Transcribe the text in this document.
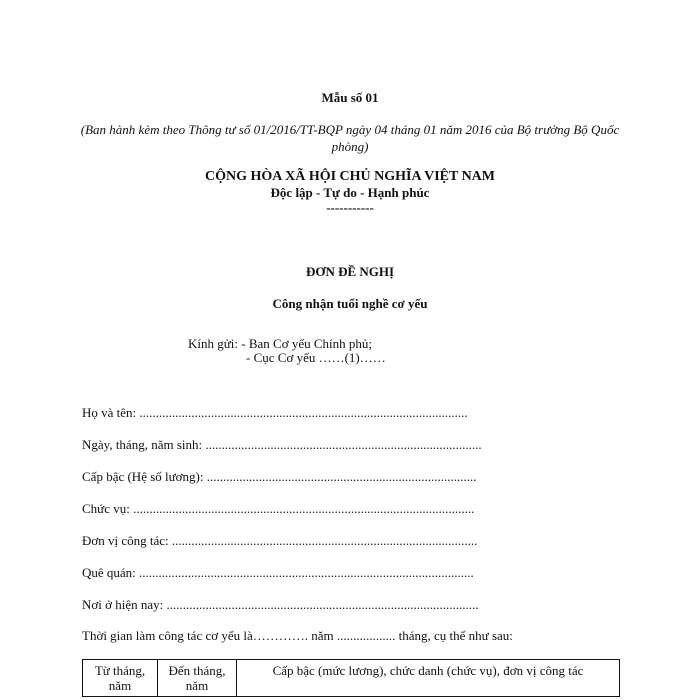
Mẫu số 01
(Ban hành kèm theo Thông tư số 01/2016/TT-BQP ngày 04 tháng 01 năm 2016 của Bộ trưởng Bộ Quốc phòng)
CỘNG HÒA XÃ HỘI CHỦ NGHĨA VIỆT NAM
Độc lập - Tự do - Hạnh phúc
-----------
ĐƠN ĐỀ NGHỊ
Công nhận tuổi nghề cơ yếu
Kính gửi: - Ban Cơ yếu Chính phủ;
- Cục Cơ yếu ……(1)……
Họ và tên: .....................................................................................................
Ngày, tháng, năm sinh: .....................................................................................
Cấp bậc (Hệ số lương): ...................................................................................
Chức vụ: .........................................................................................................
Đơn vị công tác: ..............................................................................................
Quê quán: .......................................................................................................
Nơi ở hiện nay: ................................................................................................
Thời gian làm công tác cơ yếu là…………. năm .................. tháng, cụ thể như sau:
Từ tháng, năm	Đến tháng, năm	Cấp bậc (mức lương), chức danh (chức vụ), đơn vị công tác
